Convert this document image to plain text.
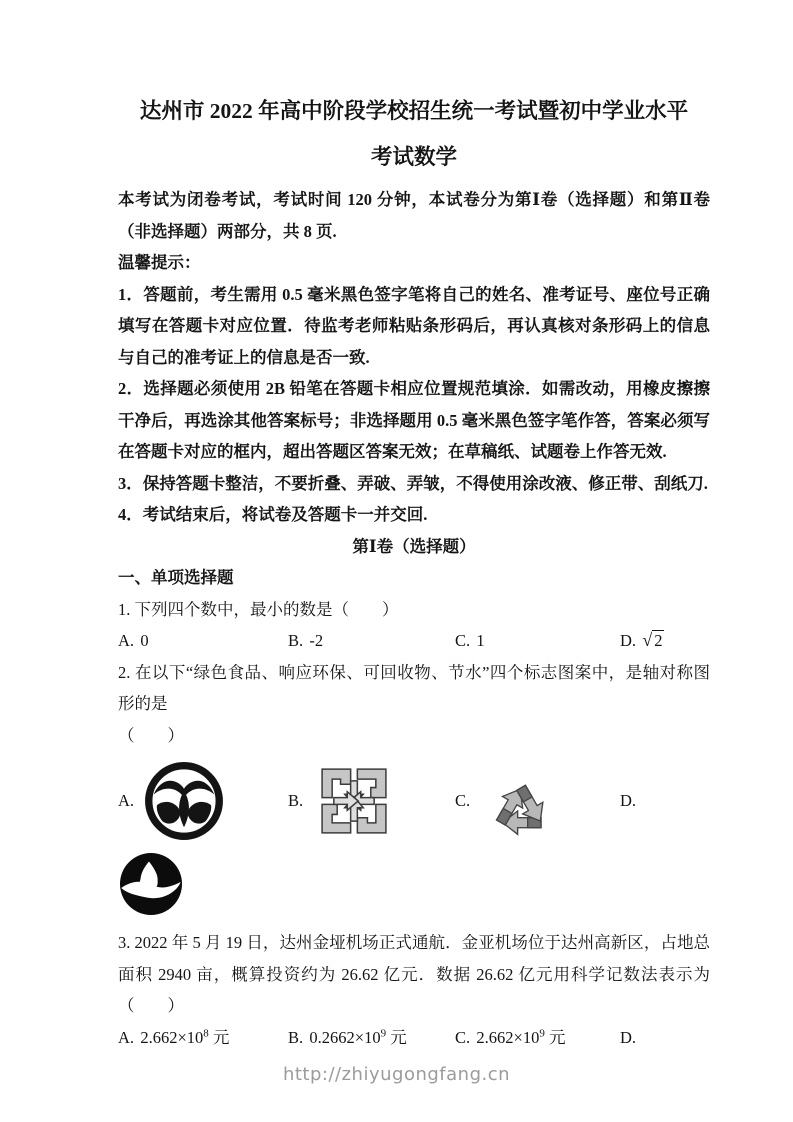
达州市 2022 年高中阶段学校招生统一考试暨初中学业水平
考试数学

本考试为闭卷考试，考试时间 120 分钟，本试卷分为第Ⅰ卷（选择题）和第Ⅱ卷（非选择题）两部分，共 8 页.

温馨提示：

1．答题前，考生需用 0.5 毫米黑色签字笔将自己的姓名、准考证号、座位号正确填写在答题卡对应位置．待监考老师粘贴条形码后，再认真核对条形码上的信息与自己的准考证上的信息是否一致.

2．选择题必须使用 2B 铅笔在答题卡相应位置规范填涂．如需改动，用橡皮擦擦干净后，再选涂其他答案标号；非选择题用 0.5 毫米黑色签字笔作答，答案必须写在答题卡对应的框内，超出答题区答案无效；在草稿纸、试题卷上作答无效.

3．保持答题卡整洁，不要折叠、弄破、弄皱，不得使用涂改液、修正带、刮纸刀.

4．考试结束后，将试卷及答题卡一并交回.

第Ⅰ卷（选择题）

一、单项选择题

1. 下列四个数中，最小的数是（　　）

A. 0	B. -2	C. 1	D. √ 2

2. 在以下“绿色食品、响应环保、可回收物、节水”四个标志图案中，是轴对称图形的是

（　　）

A.	B.	C.	D.

3. 2022 年 5 月 19 日，达州金垭机场正式通航．金亚机场位于达州高新区，占地总面积 2940 亩，概算投资约为 26.62 亿元．数据 26.62 亿元用科学记数法表示为（　　）

A. $2.662\times 10^8$ 元	B. $0.2662\times 10^9$ 元	C. $2.662\times 10^9$ 元	D.
http://zhiyugongfang.cn
